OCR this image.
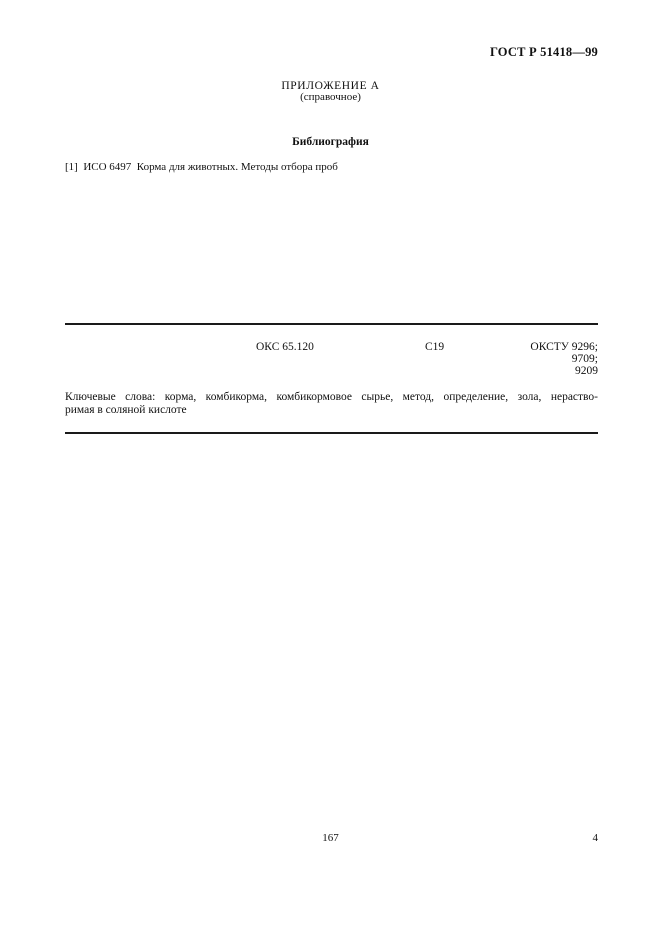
ГОСТ Р 51418—99
ПРИЛОЖЕНИЕ А
(справочное)
Библиография
[1]  ИСО 6497  Корма для животных. Методы отбора проб
ОКС 65.120	С19	ОКСТУ 9296;
9709;
9209
Ключевые слова: корма, комбикорма, комбикормовое сырье, метод, определение, зола, нераство-
римая в соляной кислоте
167	4
